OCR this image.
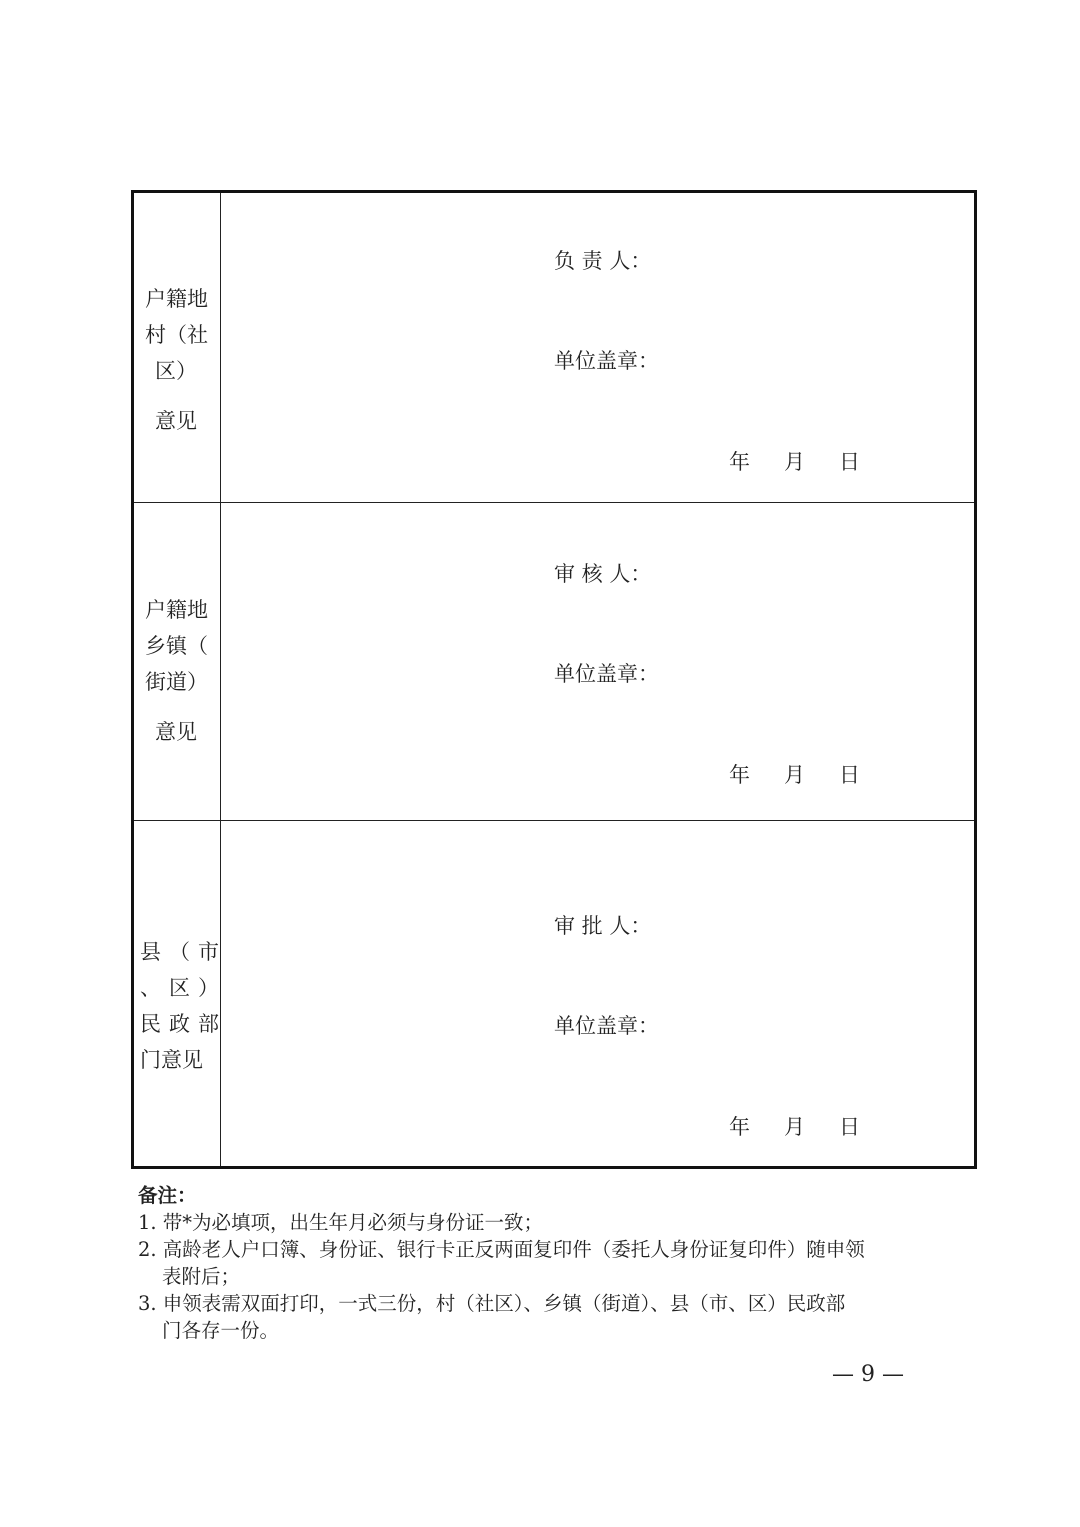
户籍地
村（社
区）
意见
负 责 人：
单位盖章：
年 月 日
户籍地
乡镇（
街道）
意见
审 核 人：
单位盖章：
年 月 日
县（市
、区）
民政部
门意见
审 批 人：
单位盖章：
年 月 日
备注：
1. 带*为必填项，出生年月必须与身份证一致；
2. 高龄老人户口簿、身份证、银行卡正反两面复印件（委托人身份证复印件）随申领
表附后；
3. 申领表需双面打印，一式三份，村（社区）、乡镇（街道）、县（市、区）民政部
门各存一份。
— 9 —
